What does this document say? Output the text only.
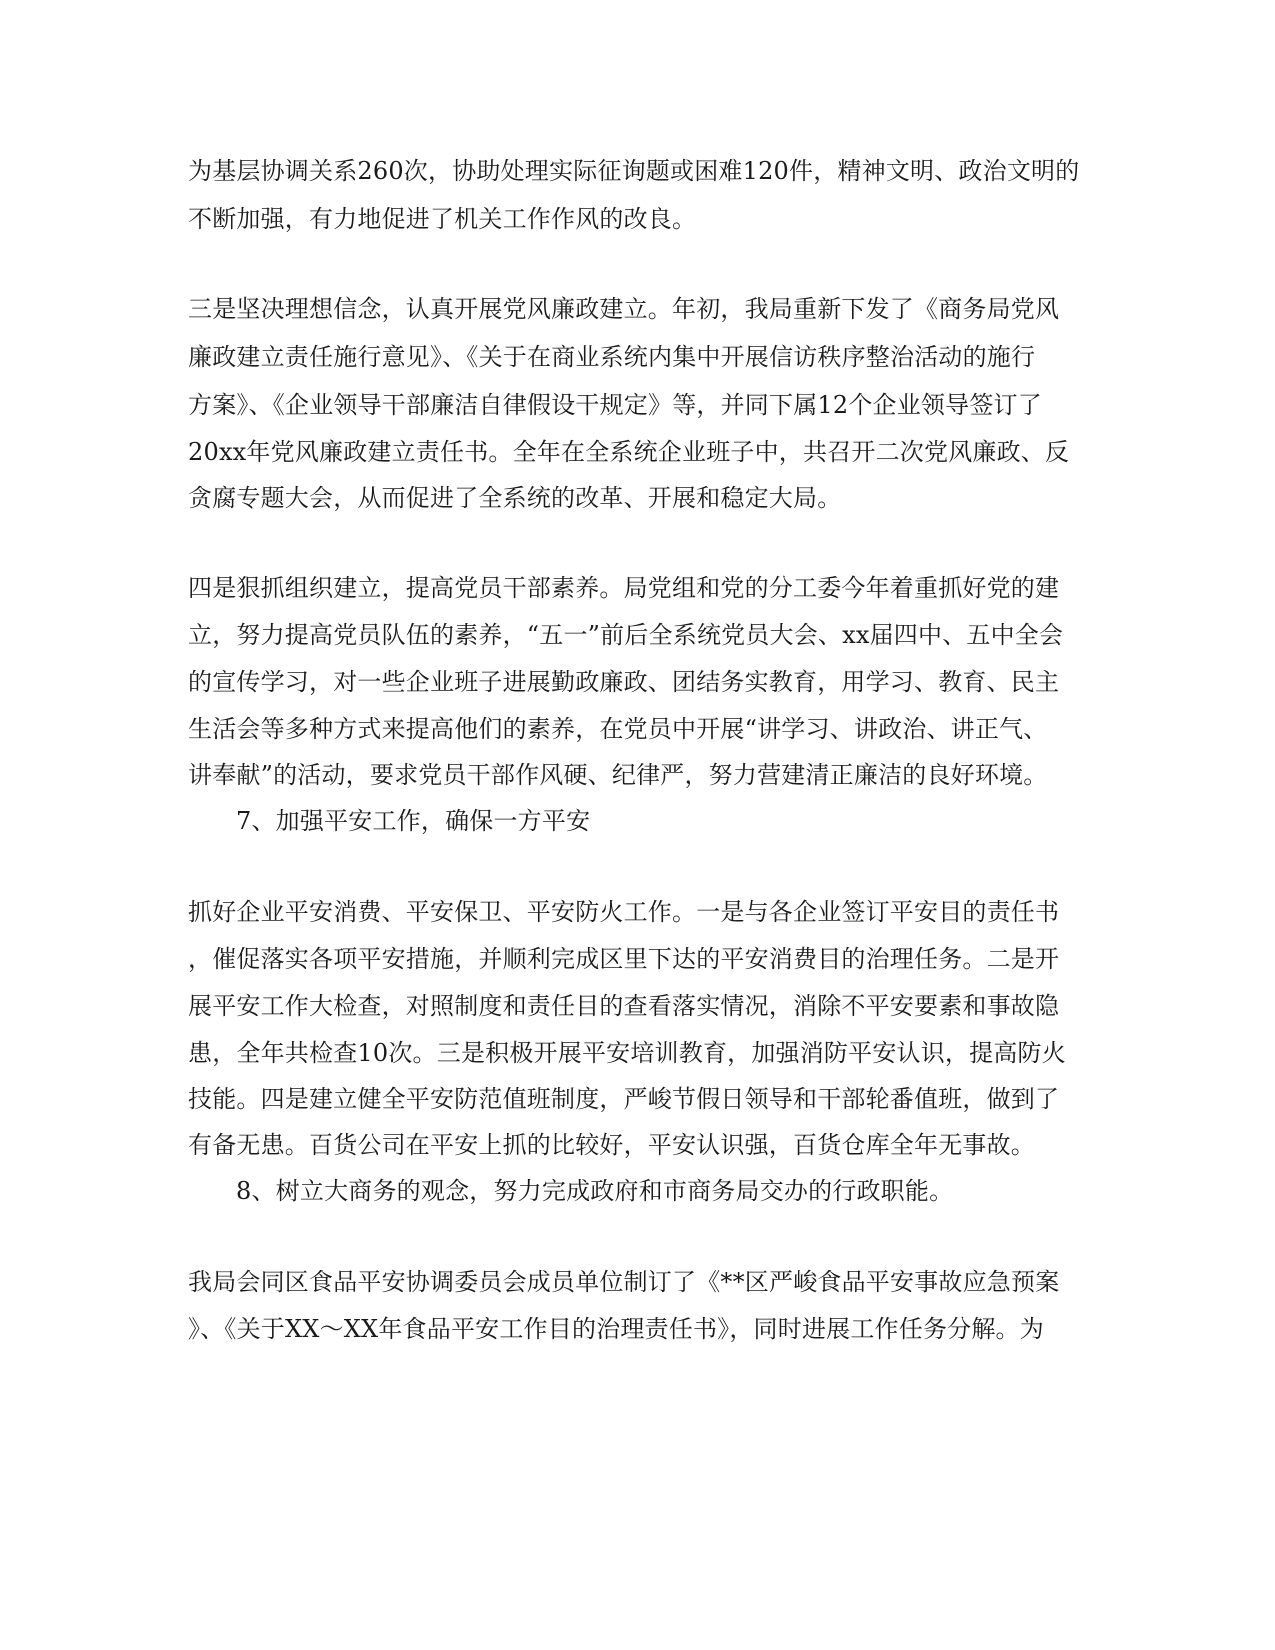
为基层协调关系260次，协助处理实际征询题或困难120件，精神文明、政治文明的
不断加强，有力地促进了机关工作作风的改良。
三是坚决理想信念，认真开展党风廉政建立。年初，我局重新下发了《商务局党风
廉政建立责任施行意见》、《关于在商业系统内集中开展信访秩序整治活动的施行
方案》、《企业领导干部廉洁自律假设干规定》等，并同下属12个企业领导签订了
20xx年党风廉政建立责任书。全年在全系统企业班子中，共召开二次党风廉政、反
贪腐专题大会，从而促进了全系统的改革、开展和稳定大局。
四是狠抓组织建立，提高党员干部素养。局党组和党的分工委今年着重抓好党的建
立，努力提高党员队伍的素养，“五一”前后全系统党员大会、xx届四中、五中全会
的宣传学习，对一些企业班子进展勤政廉政、团结务实教育，用学习、教育、民主
生活会等多种方式来提高他们的素养，在党员中开展“讲学习、讲政治、讲正气、
讲奉献”的活动，要求党员干部作风硬、纪律严，努力营建清正廉洁的良好环境。
7、加强平安工作，确保一方平安
抓好企业平安消费、平安保卫、平安防火工作。一是与各企业签订平安目的责任书
，催促落实各项平安措施，并顺利完成区里下达的平安消费目的治理任务。二是开
展平安工作大检查，对照制度和责任目的查看落实情况，消除不平安要素和事故隐
患，全年共检查10次。三是积极开展平安培训教育，加强消防平安认识，提高防火
技能。四是建立健全平安防范值班制度，严峻节假日领导和干部轮番值班，做到了
有备无患。百货公司在平安上抓的比较好，平安认识强，百货仓库全年无事故。
8、树立大商务的观念，努力完成政府和市商务局交办的行政职能。
我局会同区食品平安协调委员会成员单位制订了《**区严峻食品平安事故应急预案
》、《关于XX～XX年食品平安工作目的治理责任书》，同时进展工作任务分解。为
